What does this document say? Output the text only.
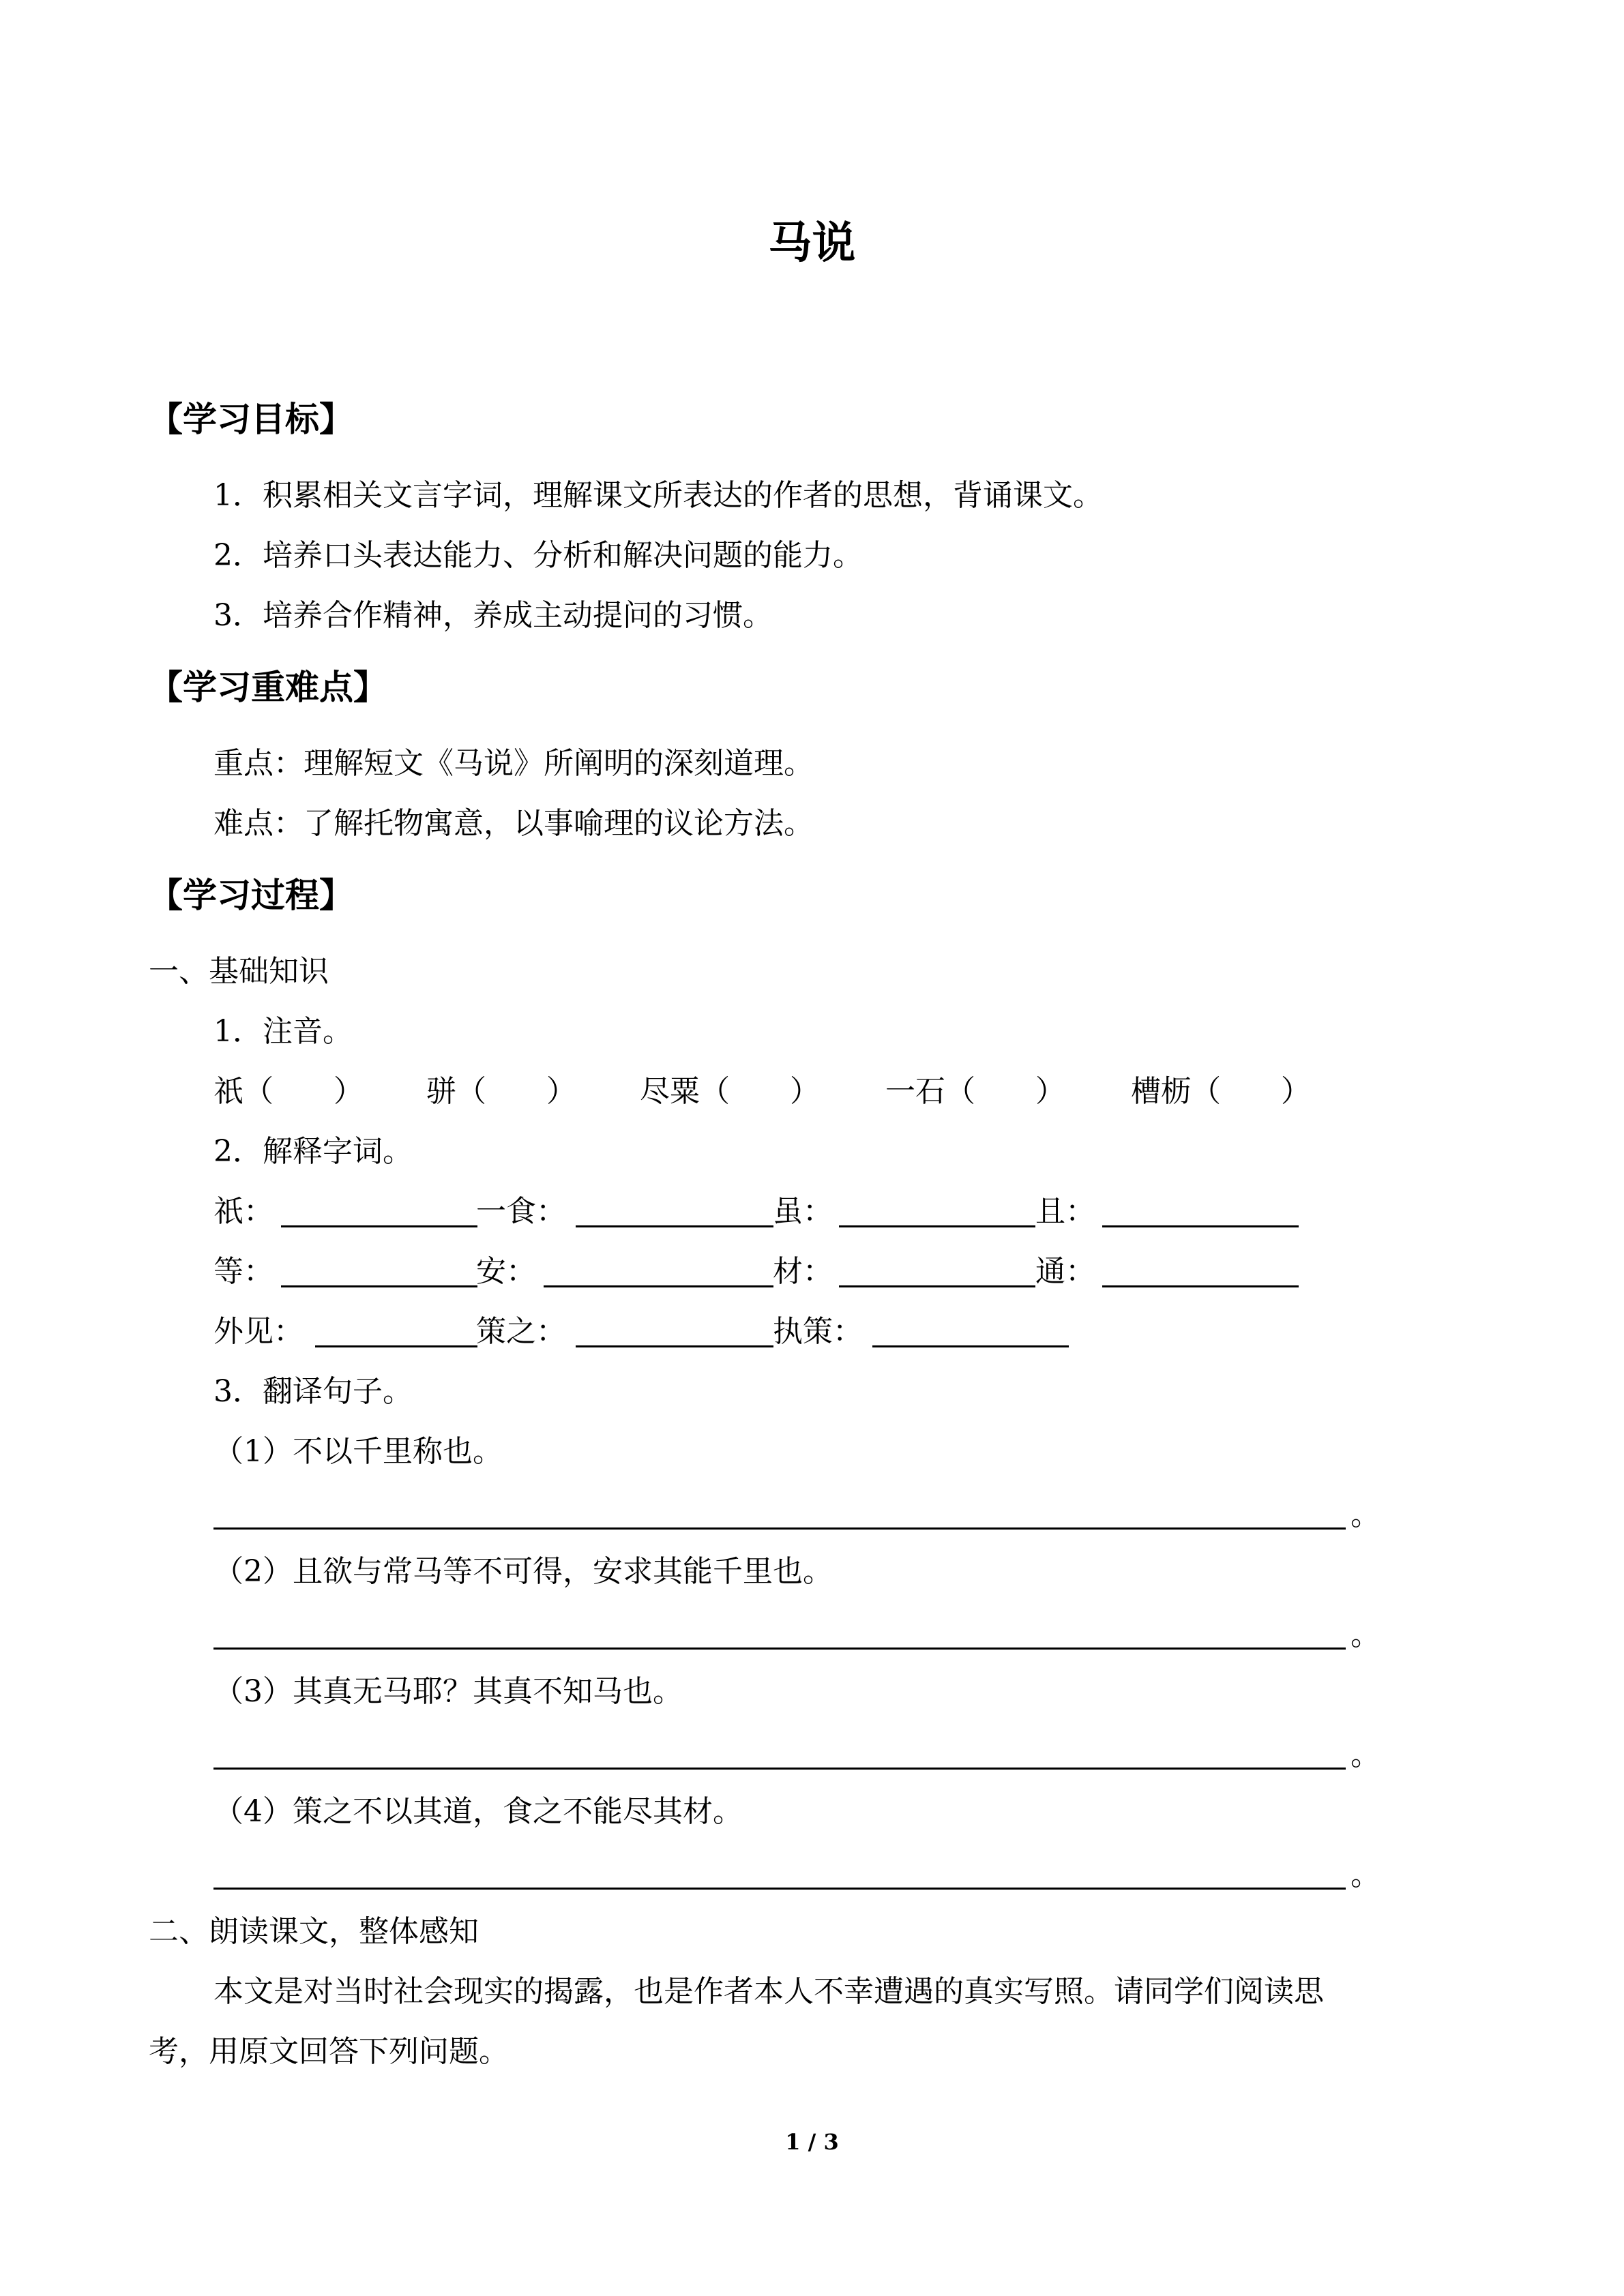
马说
【学习目标】
1．积累相关文言字词，理解课文所表达的作者的思想，背诵课文。
2．培养口头表达能力、分析和解决问题的能力。
3．培养合作精神，养成主动提问的习惯。
【学习重难点】
重点：理解短文《马说》所阐明的深刻道理。
难点：了解托物寓意，以事喻理的议论方法。
【学习过程】
一、基础知识
1．注音。
祇（　　） 骈（　　） 尽粟（　　） 一石（　　） 槽枥（　　）
2．解释字词。
祇：	一食：	虽：	且：
等：	安：	材：	通：
外见：	策之：	执策：
3．翻译句子。
（1）不以千里称也。
。
（2）且欲与常马等不可得，安求其能千里也。
。
（3）其真无马耶？其真不知马也。
。
（4）策之不以其道，食之不能尽其材。
。
二、朗读课文，整体感知
本文是对当时社会现实的揭露，也是作者本人不幸遭遇的真实写照。请同学们阅读思
考，用原文回答下列问题。
1 / 3
